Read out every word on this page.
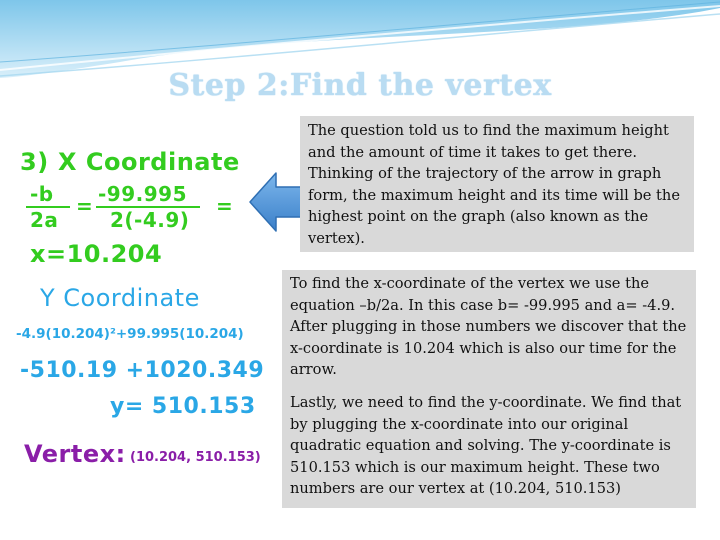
Step 2:Find the vertex
3) X Coordinate
-b
2a
= -99.995
2(-4.9)
=
x=10.204
Y Coordinate
-4.9(10.204)²+99.995(10.204)
-510.19 +1020.349
y= 510.153
Vertex: (10.204, 510.153)
The question told us to find the maximum height and the amount of time it takes to get there. Thinking of the trajectory of the arrow in graph form, the maximum height and its time will be the highest point on the graph (also known as the vertex).

To find the x-coordinate of the vertex we use the equation –b/2a. In this case b= -99.995 and a= -4.9. After plugging in those numbers we discover that the x-coordinate is 10.204 which is also our time for the arrow.

Lastly, we need to find the y-coordinate. We find that by plugging the x-coordinate into our original quadratic equation and solving. The y-coordinate is 510.153 which is our maximum height. These two numbers are our vertex at (10.204, 510.153)
